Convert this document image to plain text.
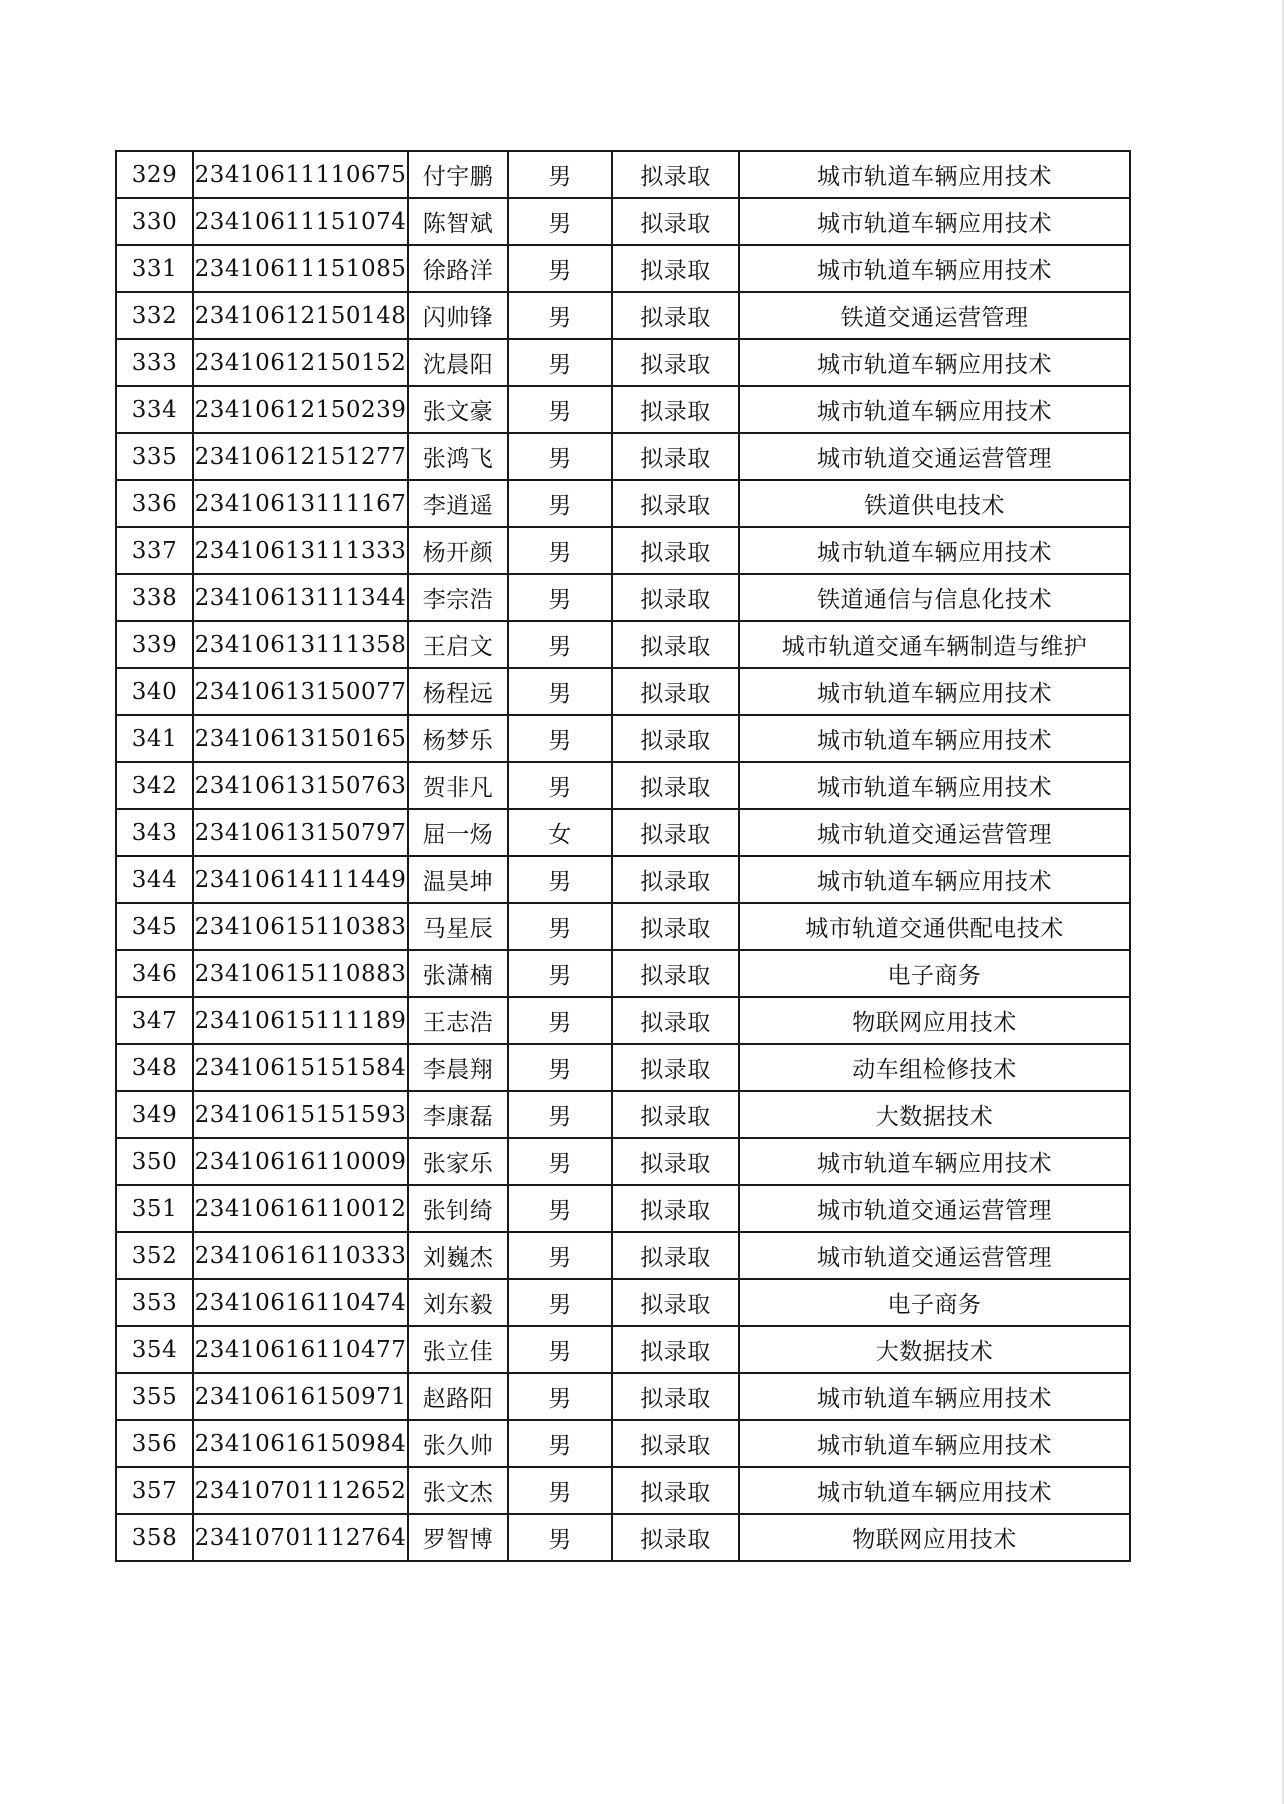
329	23410611110675	付宇鹏	男	拟录取	城市轨道车辆应用技术
330	23410611151074	陈智斌	男	拟录取	城市轨道车辆应用技术
331	23410611151085	徐路洋	男	拟录取	城市轨道车辆应用技术
332	23410612150148	闪帅锋	男	拟录取	铁道交通运营管理
333	23410612150152	沈晨阳	男	拟录取	城市轨道车辆应用技术
334	23410612150239	张文豪	男	拟录取	城市轨道车辆应用技术
335	23410612151277	张鸿飞	男	拟录取	城市轨道交通运营管理
336	23410613111167	李逍遥	男	拟录取	铁道供电技术
337	23410613111333	杨开颜	男	拟录取	城市轨道车辆应用技术
338	23410613111344	李宗浩	男	拟录取	铁道通信与信息化技术
339	23410613111358	王启文	男	拟录取	城市轨道交通车辆制造与维护
340	23410613150077	杨程远	男	拟录取	城市轨道车辆应用技术
341	23410613150165	杨梦乐	男	拟录取	城市轨道车辆应用技术
342	23410613150763	贺非凡	男	拟录取	城市轨道车辆应用技术
343	23410613150797	屈一炀	女	拟录取	城市轨道交通运营管理
344	23410614111449	温昊坤	男	拟录取	城市轨道车辆应用技术
345	23410615110383	马星辰	男	拟录取	城市轨道交通供配电技术
346	23410615110883	张潇楠	男	拟录取	电子商务
347	23410615111189	王志浩	男	拟录取	物联网应用技术
348	23410615151584	李晨翔	男	拟录取	动车组检修技术
349	23410615151593	李康磊	男	拟录取	大数据技术
350	23410616110009	张家乐	男	拟录取	城市轨道车辆应用技术
351	23410616110012	张钊绮	男	拟录取	城市轨道交通运营管理
352	23410616110333	刘巍杰	男	拟录取	城市轨道交通运营管理
353	23410616110474	刘东毅	男	拟录取	电子商务
354	23410616110477	张立佳	男	拟录取	大数据技术
355	23410616150971	赵路阳	男	拟录取	城市轨道车辆应用技术
356	23410616150984	张久帅	男	拟录取	城市轨道车辆应用技术
357	23410701112652	张文杰	男	拟录取	城市轨道车辆应用技术
358	23410701112764	罗智博	男	拟录取	物联网应用技术
